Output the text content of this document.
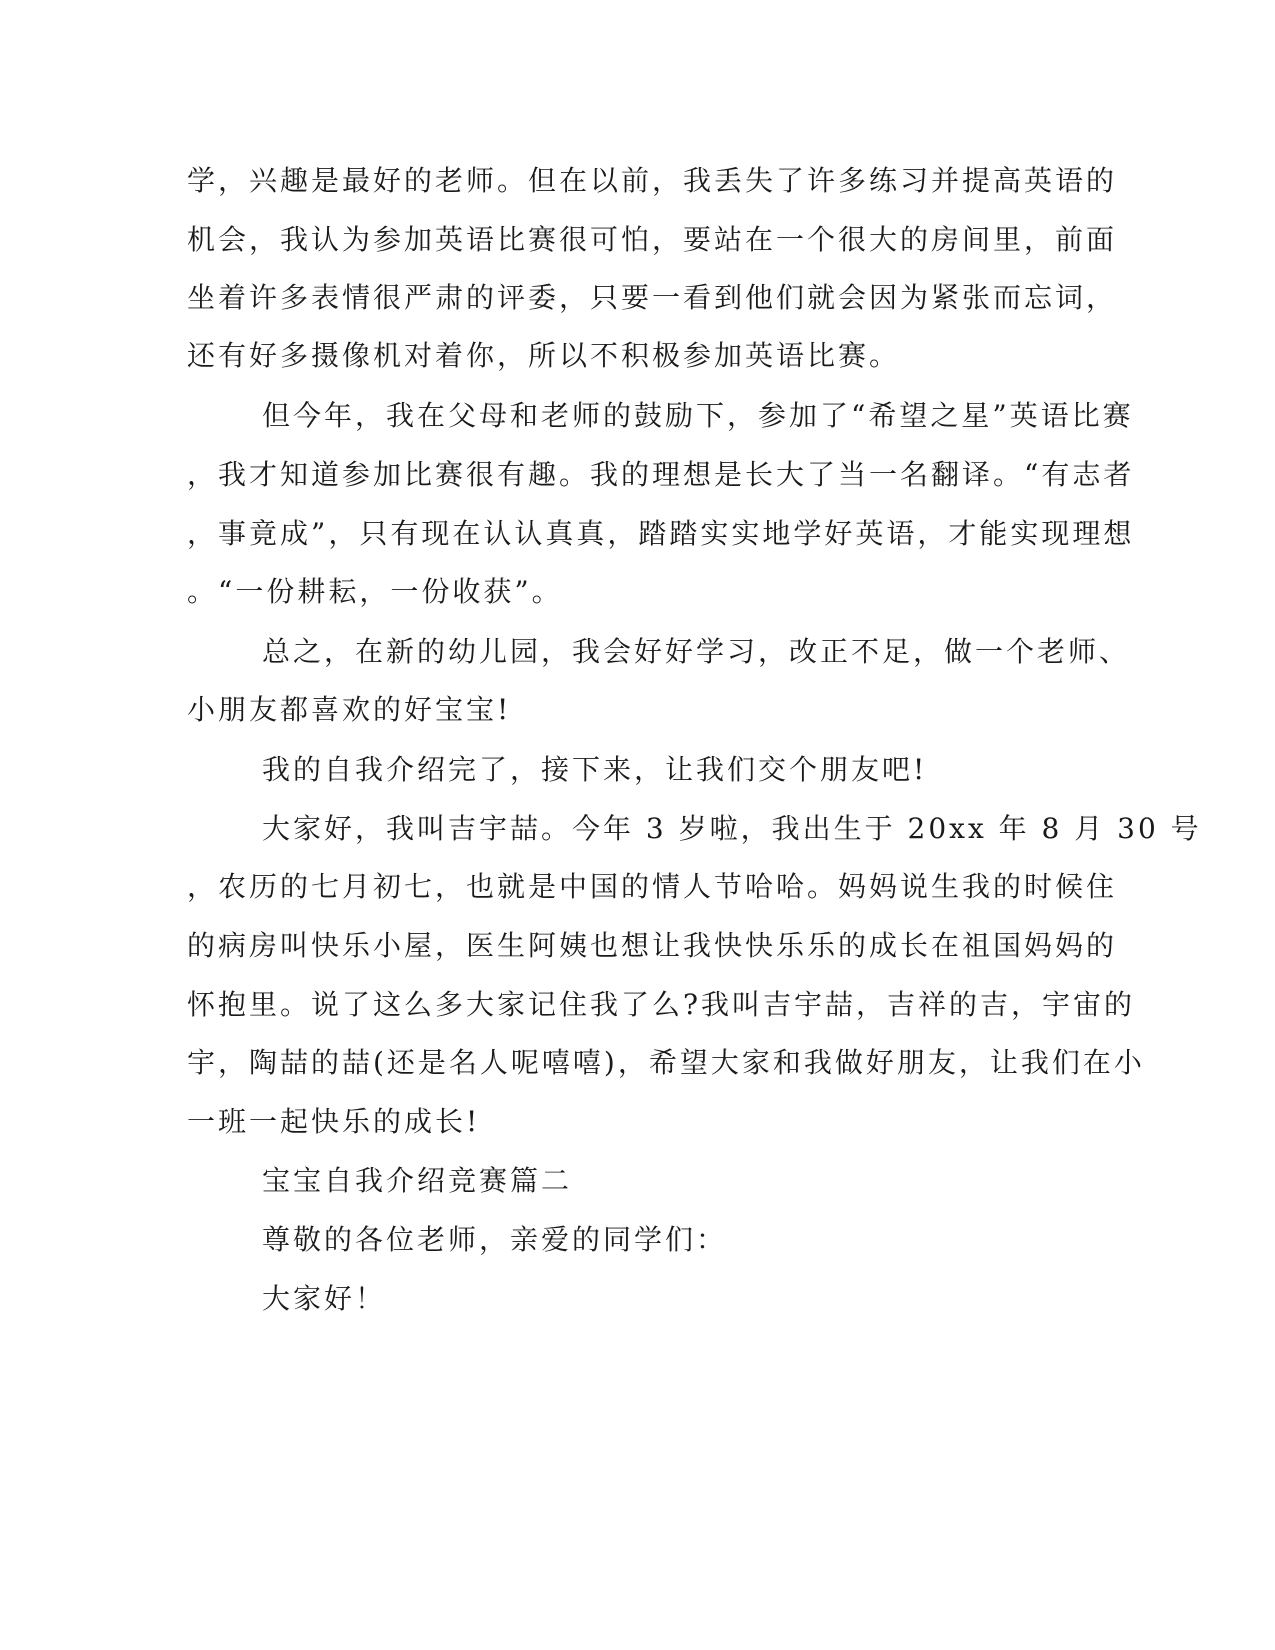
学，兴趣是最好的老师。但在以前，我丢失了许多练习并提高英语的
机会，我认为参加英语比赛很可怕，要站在一个很大的房间里，前面
坐着许多表情很严肃的评委，只要一看到他们就会因为紧张而忘词，
还有好多摄像机对着你，所以不积极参加英语比赛。
但今年，我在父母和老师的鼓励下，参加了“希望之星”英语比赛
，我才知道参加比赛很有趣。我的理想是长大了当一名翻译。“有志者
，事竟成”，只有现在认认真真，踏踏实实地学好英语，才能实现理想
。“一份耕耘，一份收获”。
总之，在新的幼儿园，我会好好学习，改正不足，做一个老师、
小朋友都喜欢的好宝宝!
我的自我介绍完了，接下来，让我们交个朋友吧!
大家好，我叫吉宇喆。今年 3 岁啦，我出生于 20xx 年 8 月 30 号
，农历的七月初七，也就是中国的情人节哈哈。妈妈说生我的时候住
的病房叫快乐小屋，医生阿姨也想让我快快乐乐的成长在祖国妈妈的
怀抱里。说了这么多大家记住我了么?我叫吉宇喆，吉祥的吉，宇宙的
宇，陶喆的喆(还是名人呢嘻嘻)，希望大家和我做好朋友，让我们在小
一班一起快乐的成长!
宝宝自我介绍竞赛篇二
尊敬的各位老师，亲爱的同学们：
大家好！
